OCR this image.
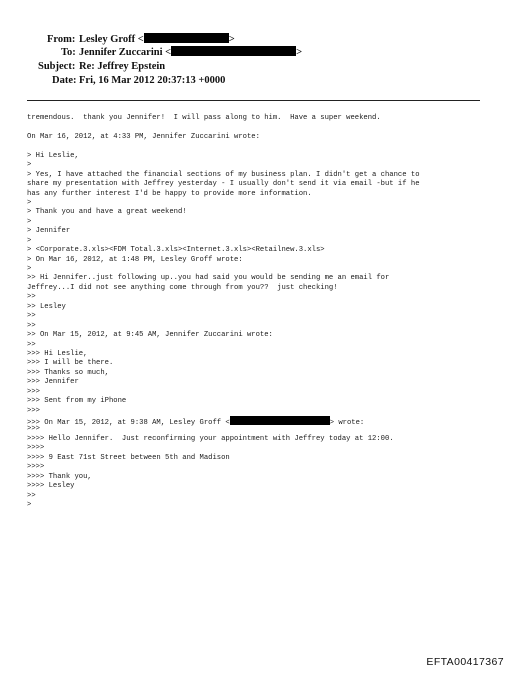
From: Lesley Groff <	>
To: Jennifer Zuccarini <	>
Subject: Re: Jeffrey Epstein
Date: Fri, 16 Mar 2012 20:37:13 +0000
tremendous.  thank you Jennifer!  I will pass along to him.  Have a super weekend.
On Mar 16, 2012, at 4:33 PM, Jennifer Zuccarini wrote:
> Hi Leslie,
>
> Yes, I have attached the financial sections of my business plan. I didn't get a chance to
share my presentation with Jeffrey yesterday - I usually don't send it via email -but if he
has any further interest I'd be happy to provide more information.
>
> Thank you and have a great weekend!
>
> Jennifer
>
> <Corporate.3.xls><FDM Total.3.xls><Internet.3.xls><Retailnew.3.xls>
> On Mar 16, 2012, at 1:48 PM, Lesley Groff wrote:
>
>> Hi Jennifer..just following up..you had said you would be sending me an email for
Jeffrey...I did not see anything come through from you??  just checking!
>>
>> Lesley
>>
>>
>> On Mar 15, 2012, at 9:45 AM, Jennifer Zuccarini wrote:
>>
>>> Hi Leslie,
>>> I will be there.
>>> Thanks so much,
>>> Jennifer
>>>
>>> Sent from my iPhone
>>>
>>> On Mar 15, 2012, at 9:38 AM, Lesley Groff <	> wrote:
>>>
>>>> Hello Jennifer.  Just reconfirming your appointment with Jeffrey today at 12:00.
>>>>
>>>> 9 East 71st Street between 5th and Madison
>>>>
>>>> Thank you,
>>>> Lesley
>>
>
EFTA00417367
